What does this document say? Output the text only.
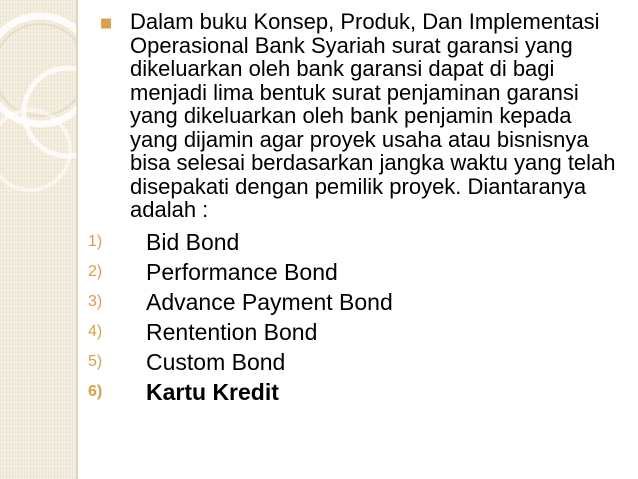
■ Dalam buku Konsep, Produk, Dan Implementasi Operasional Bank Syariah surat garansi yang dikeluarkan oleh bank garansi dapat di bagi menjadi lima bentuk surat penjaminan garansi yang dikeluarkan oleh bank penjamin kepada yang dijamin agar proyek usaha atau bisnisnya bisa selesai berdasarkan jangka waktu yang telah disepakati dengan pemilik proyek. Diantaranya adalah :

1) Bid Bond
2) Performance Bond
3) Advance Payment Bond
4) Rentention Bond
5) Custom Bond
6) Kartu Kredit
